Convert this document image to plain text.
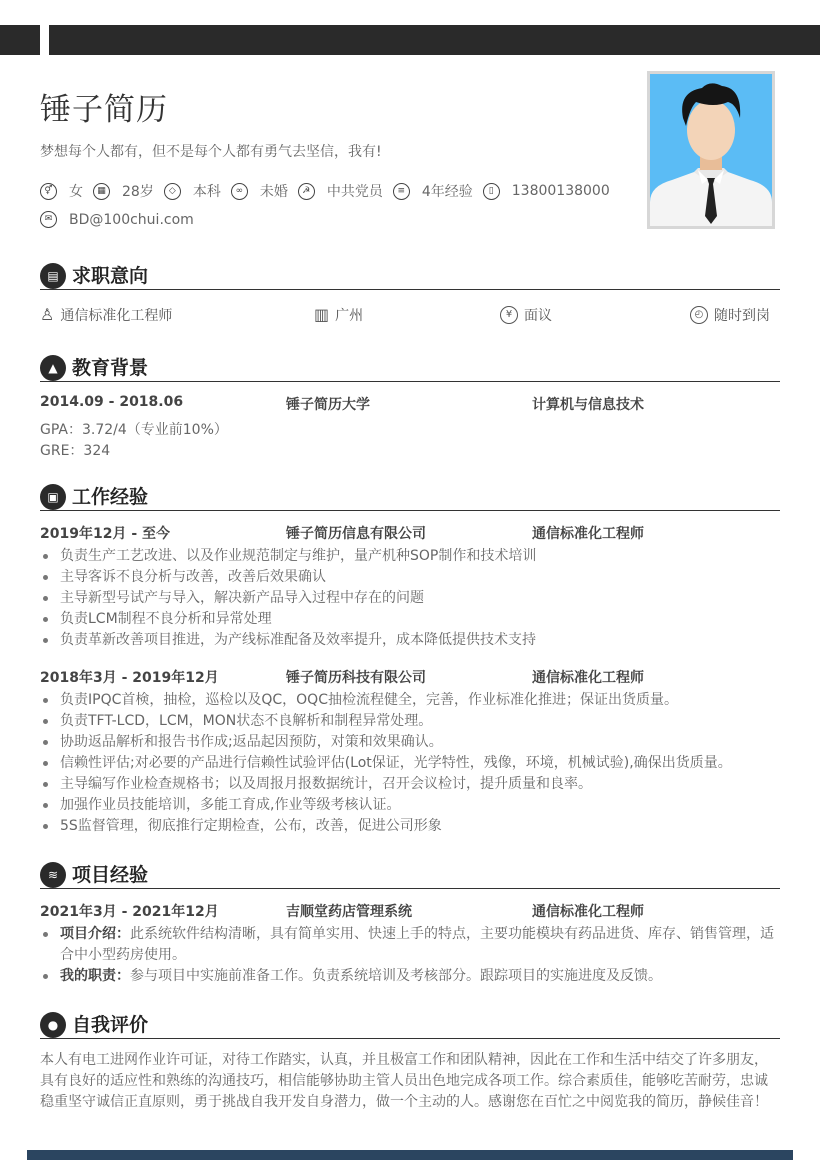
锤子简历
梦想每个人都有，但不是每个人都有勇气去坚信，我有!
⚥	女	▦	28岁	◇	本科	∞	未婚	☭	中共党员	≡	4年经验	▯	13800138000
✉	BD@100chui.com
▤ 求职意向
♙ 通信标准化工程师	▥ 广州	¥ 面议	◴ 随时到岗
▲ 教育背景
2014.09 - 2018.06	锤子简历大学	计算机与信息技术
GPA：3.72/4（专业前10%）
GRE：324
▣ 工作经验
2019年12月 - 至今	锤子简历信息有限公司	通信标准化工程师
负责生产工艺改进、以及作业规范制定与维护，量产机种SOP制作和技术培训
主导客诉不良分析与改善，改善后效果确认
主导新型号试产与导入，解决新产品导入过程中存在的问题
负责LCM制程不良分析和异常处理
负责革新改善项目推进，为产线标准配备及效率提升，成本降低提供技术支持
2018年3月 - 2019年12月	锤子简历科技有限公司	通信标准化工程师
负责IPQC首検，抽检，巡检以及QC，OQC抽检流程健全，完善，作业标准化推进；保证出货质量。
负责TFT-LCD，LCM，MON状态不良解析和制程异常处理。
协助返品解析和报告书作成;返品起因预防，对策和效果确认。
信赖性评估;对必要的产品进行信赖性试验评估(Lot保证，光学特性，残像，环境，机械试验),确保出货质量。
主导编写作业检查规格书；以及周报月报数据统计，召开会议检讨，提升质量和良率。
加强作业员技能培训，多能工育成,作业等级考核认证。
5S监督管理，彻底推行定期检查，公布，改善，促进公司形象
≋ 项目经验
2021年3月 - 2021年12月	吉顺堂药店管理系统	通信标准化工程师
项目介绍：此系统软件结构清晰，具有简单实用、快速上手的特点，主要功能模块有药品进货、库存、销售管理，适合中小型药房使用。
我的职责：参与项目中实施前准备工作。负责系统培训及考核部分。跟踪项目的实施进度及反馈。
● 自我评价
本人有电工进网作业许可证，对待工作踏实，认真，并且极富工作和团队精神，因此在工作和生活中结交了许多朋友，具有良好的适应性和熟练的沟通技巧，相信能够协助主管人员出色地完成各项工作。综合素质佳，能够吃苦耐劳，忠诚稳重坚守诚信正直原则，勇于挑战自我开发自身潜力，做一个主动的人。感谢您在百忙之中阅览我的简历，静候佳音！
